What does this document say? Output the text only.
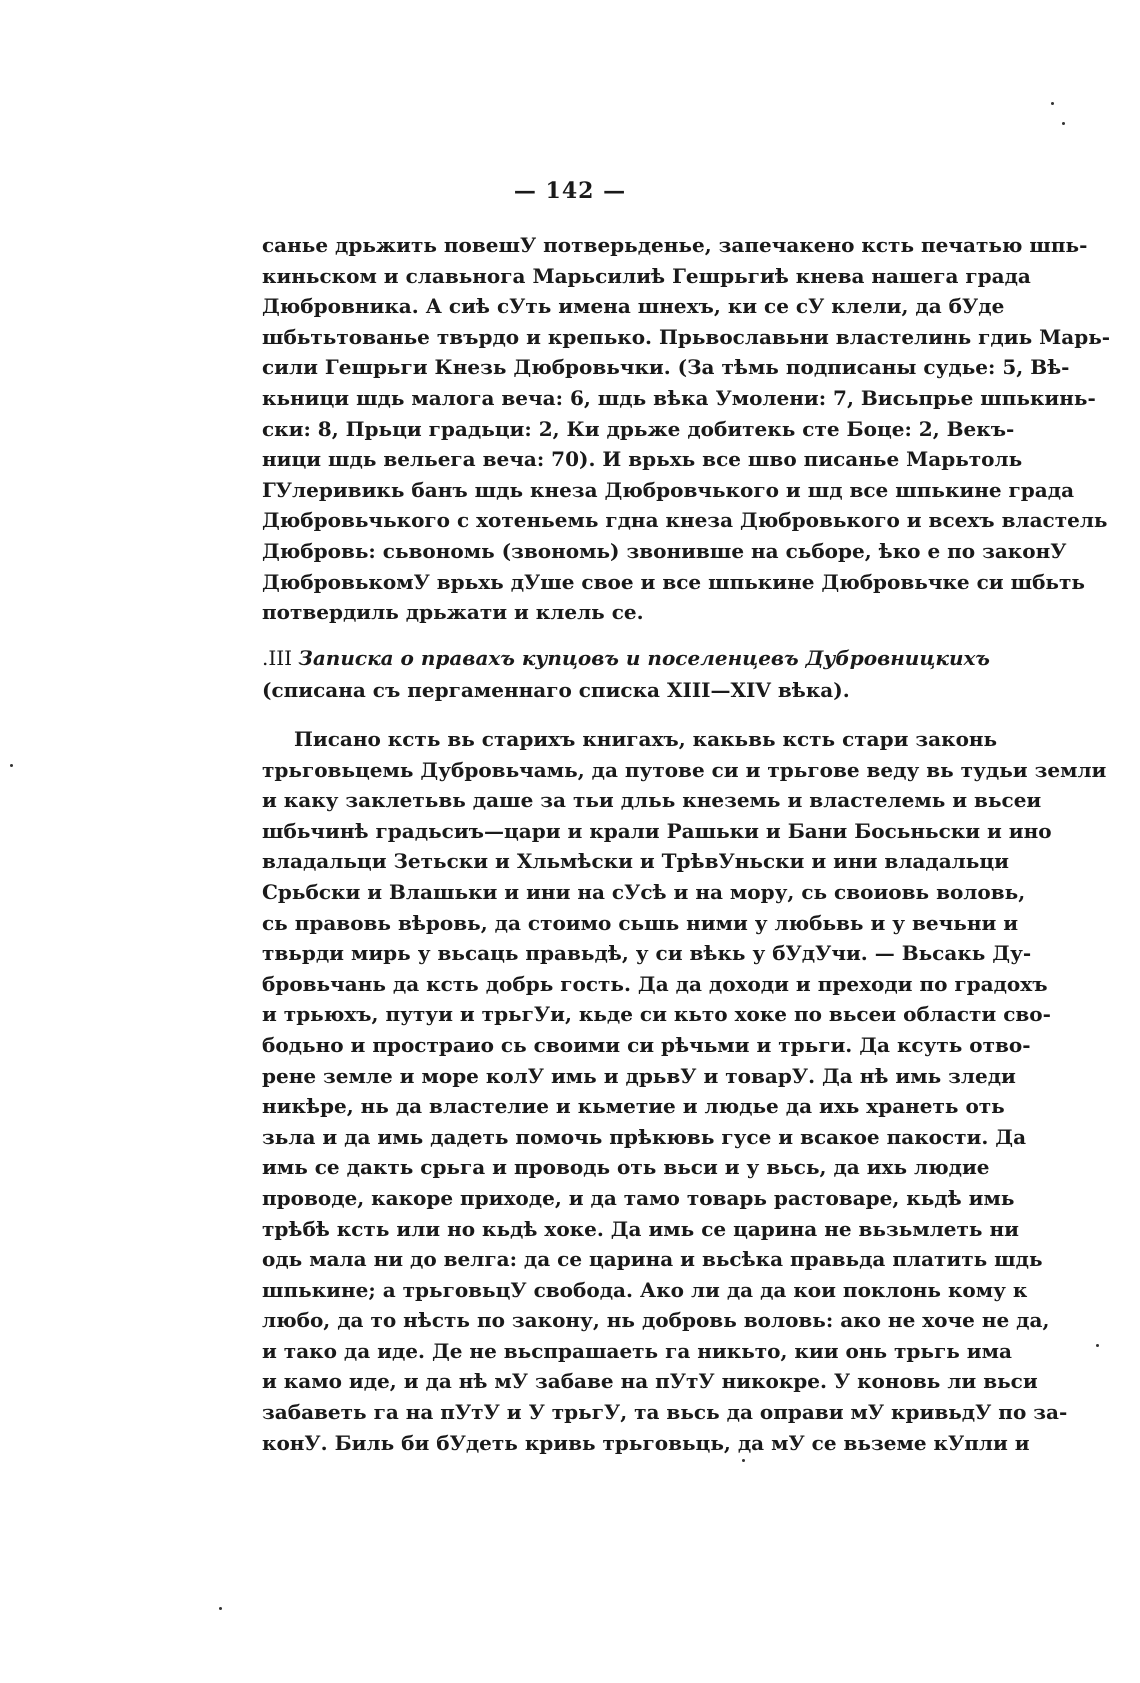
— 142 —
санье дрьжить повешУ потверьденье, запечакено ксть печатью шпь-
киньском и славьнога Марьсилиѣ Гешрьгиѣ кнева нашега града
Дюбровника. А сиѣ сУть имена шнехъ, ки се сУ клели, да бУде
шбьтьтованье твърдо и крепько. Прьвославьни властелинь гдиь Марь-
сили Гешрьги Кнезь Дюбровьчки. (За тѣмь подписаны судье: 5, Вѣ-
кьници шдь малога веча: 6, шдь вѣка Умолени: 7, Висьпрье шпькинь-
ски: 8, Прьци градьци: 2, Ки дрьже добитекь сте Боце: 2, Векъ-
ници шдь вельега веча: 70). И врьхь всe шво писанье Марьтоль
ГУлеривикь банъ шдь кнеза Дюбровчького и шд всe шпькине града
Дюбровьчького с хотеньемь гдна кнеза Дюбровького и всехъ властель
Дюбровь: сьвономь (звономь) звонивше на сьборе, ѣко е по законУ
ДюбровькомУ врьхь дУше свое и всe шпькине Дюбровьчке си шбьть
потвердиль дрьжати и клель се.
.III Записка о правахъ купцовъ и поселенцевъ Дубровницкихъ
(списана съ пергаменнаго списка XIII—XIV вѣка).
Писано ксть вь старихъ книгахъ, какьвь ксть стари законь
трьговьцемь Дубровьчамь, да путове си и трьгове веду вь тудьи земли
и каку заклетьвь даше за тьи дльь кнеземь и властелемь и вьсеи
шбьчинѣ градьсиъ—цари и крали Рашьки и Бани Босьньски и ино
владальци Зетьски и Хльмѣски и ТрѣвУньски и ини владальци
Срьбски и Влашьки и ини на сУсѣ и на мору, сь своиовь воловь,
сь правовь вѣровь, да стоимо сьшь ними у любьвь и у вечьни и
твьрди мирь у вьсаць правьдѣ, у си вѣкь у бУдУчи. — Вьсакь Ду-
бровьчань да ксть добрь гость. Да да доходи и преходи по градохъ
и трьюхъ, путуи и трьгУи, кьде си кьто хоке по вьсеи области сво-
бодьно и простраио сь своими си рѣчьми и трьги. Да ксуть отво-
рене земле и море колУ имь и дрьвУ и товарУ. Да нѣ имь зледи
никѣре, нь да властелие и кьметие и людье да ихь хранеть оть
зьла и да имь дадеть помочь прѣкювь гусе и всакое пакости. Да
имь се дакть срьга и проводь оть вьси и у вьсь, да ихь людие
проводе, какоре приходе, и да тамо товарь растоваре, кьдѣ имь
трѣбѣ ксть или но кьдѣ хоке. Да имь се царина не вьзьмлеть ни
одь мала ни до велга: да се царина и вьсѣка правьда платить шдь
шпькине; а трьговьцУ свобода. Ако ли да да кои поклонь кому к
любо, да то нѣсть по закону, нь добровь воловь: ако не хоче не да,
и тако да иде. Де не вьспрашаеть га никьто, кии онь трьгь има
и камо иде, и да нѣ мУ забаве на пУтУ никокре. У коновь ли вьси
забаветь га на пУтУ и У трьгУ, та вьсь да оправи мУ кривьдУ по за-
конУ. Биль би бУдеть кривь трьговьць, да мУ се вьземе кУпли и
